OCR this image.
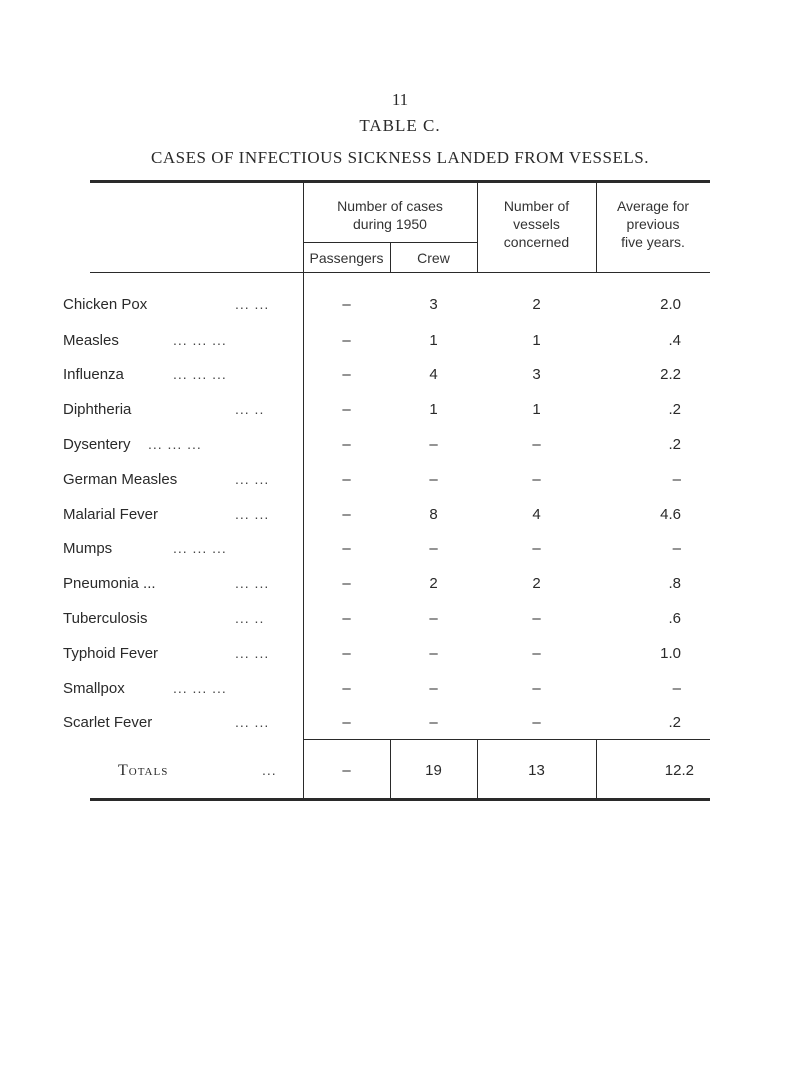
11
TABLE C.
CASES OF INFECTIOUS SICKNESS LANDED FROM VESSELS.
Number of cases
during 1950
Passengers	Crew
Number of
vessels
concerned
Average for
previous
five years.
Chicken Pox	... ...	–	3	2	2.0
Measles	... ... ...	–	1	1	.4
Influenza	... ... ...	–	4	3	2.2
Diphtheria	... ..	–	1	1	.2
Dysentery ... ... ...	–	–	–	.2
German Measles	... ...	–	–	–	–
Malarial Fever	... ...	–	8	4	4.6
Mumps	... ... ...	–	–	–	–
Pneumonia ...	... ...	–	2	2	.8
Tuberculosis	... ..	–	–	–	.6
Typhoid Fever	... ...	–	–	–	1.0
Smallpox	... ... ...	–	–	–	–
Scarlet Fever	... ...	–	–	–	.2
Totals	...	–	19	13	12.2
